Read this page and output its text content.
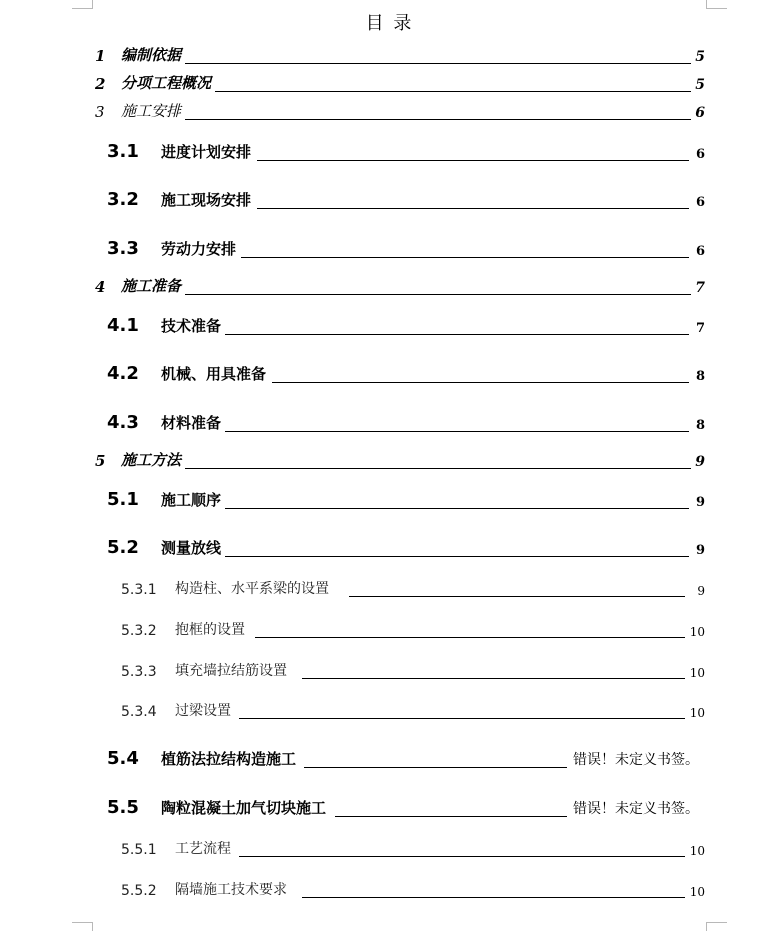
目 录
1 编制依据	5
2 分项工程概况	5
3 施工安排	6
3.1 进度计划安排	6
3.2 施工现场安排	6
3.3 劳动力安排	6
4 施工准备	7
4.1 技术准备	7
4.2 机械、用具准备	8
4.3 材料准备	8
5 施工方法	9
5.1 施工顺序	9
5.2 测量放线	9
5.3.1 构造柱、水平系梁的设置	9
5.3.2 抱框的设置	10
5.3.3 填充墙拉结筋设置	10
5.3.4 过梁设置	10
5.4 植筋法拉结构造施工	错误！未定义书签。
5.5 陶粒混凝土加气切块施工	错误！未定义书签。
5.5.1 工艺流程	10
5.5.2 隔墙施工技术要求	10
